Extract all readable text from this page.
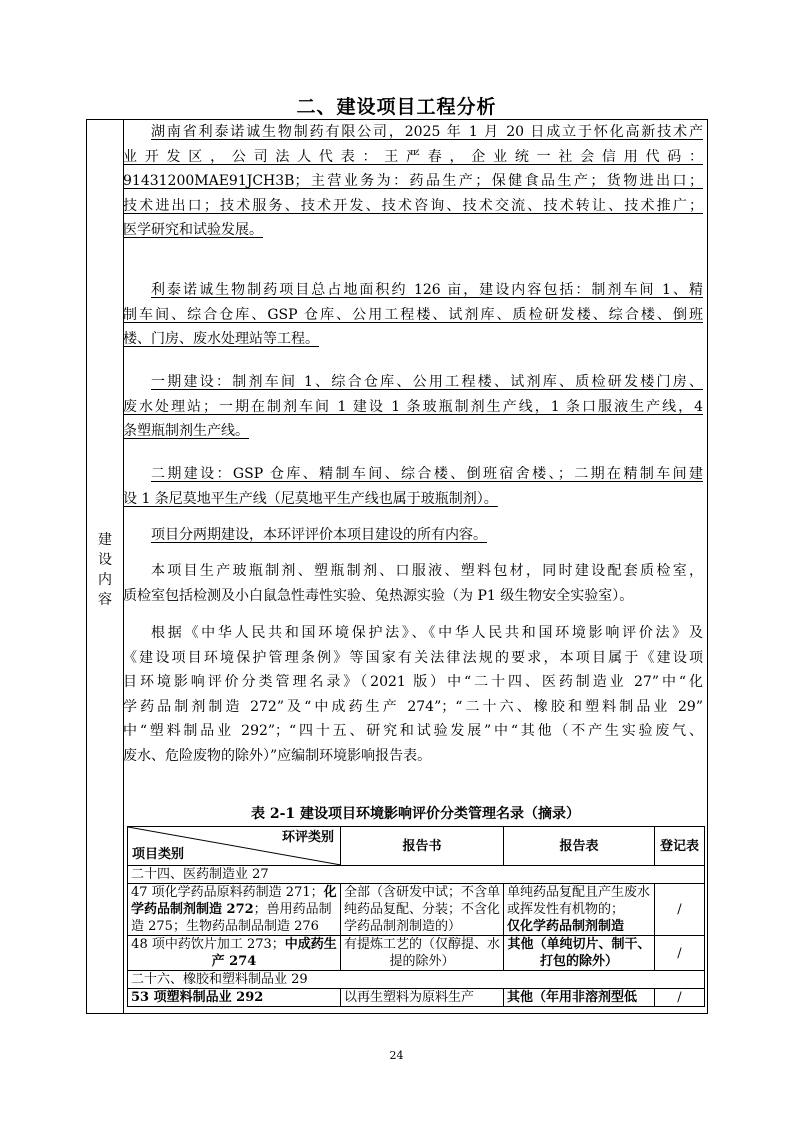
二、建设项目工程分析
建设内容
湖南省利泰诺诚生物制药有限公司，2025 年 1 月 20 日成立于怀化高新技术产
业开发区，公司法人代表：王严春，企业统一社会信用代码：
91431200MAE91JCH3B；主营业务为：药品生产；保健食品生产；货物进出口；
技术进出口；技术服务、技术开发、技术咨询、技术交流、技术转让、技术推广；
医学研究和试验发展。
利泰诺诚生物制药项目总占地面积约 126 亩，建设内容包括：制剂车间 1、精
制车间、综合仓库、GSP 仓库、公用工程楼、试剂库、质检研发楼、综合楼、倒班
楼、门房、废水处理站等工程。
一期建设：制剂车间 1、综合仓库、公用工程楼、试剂库、质检研发楼门房、
废水处理站；一期在制剂车间 1 建设 1 条玻瓶制剂生产线，1 条口服液生产线，4
条塑瓶制剂生产线。
二期建设：GSP 仓库、精制车间、综合楼、倒班宿舍楼、；二期在精制车间建
设 1 条尼莫地平生产线（尼莫地平生产线也属于玻瓶制剂）。
项目分两期建设，本环评评价本项目建设的所有内容。
本项目生产玻瓶制剂、塑瓶制剂、口服液、塑料包材，同时建设配套质检室，
质检室包括检测及小白鼠急性毒性实验、兔热源实验（为 P1 级生物安全实验室）。
根据《中华人民共和国环境保护法》、《中华人民共和国环境影响评价法》及
《建设项目环境保护管理条例》等国家有关法律法规的要求，本项目属于《建设项
目环境影响评价分类管理名录》（2021 版）中“二十四、医药制造业 27”中“化
学药品制剂制造 272”及“中成药生产 274”；“二十六、橡胶和塑料制品业 29”
中“塑料制品业 292”；“四十五、研究和试验发展”中“其他（不产生实验废气、
废水、危险废物的除外）”应编制环境影响报告表。
表 2-1 建设项目环境影响评价分类管理名录（摘录）
环评类别
项目类别	报告书	报告表	登记表
二十四、医药制造业 27			
47 项化学药品原料药制造 271；化学药品制剂制造 272；兽用药品制造 275；生物药品制品制造 276	全部（含研发中试；不含单纯药品复配、分装；不含化学药品制剂制造的）	单纯药品复配且产生废水或挥发性有机物的；
仅化学药品制剂制造	/
48 项中药饮片加工 273；中成药生产 274	有提炼工艺的（仅醇提、水提的除外）	其他（单纯切片、制干、打包的除外）	/
二十六、橡胶和塑料制品业 29			
53 项塑料制品业 292	以再生塑料为原料生产	其他（年用非溶剂型低	/
24
